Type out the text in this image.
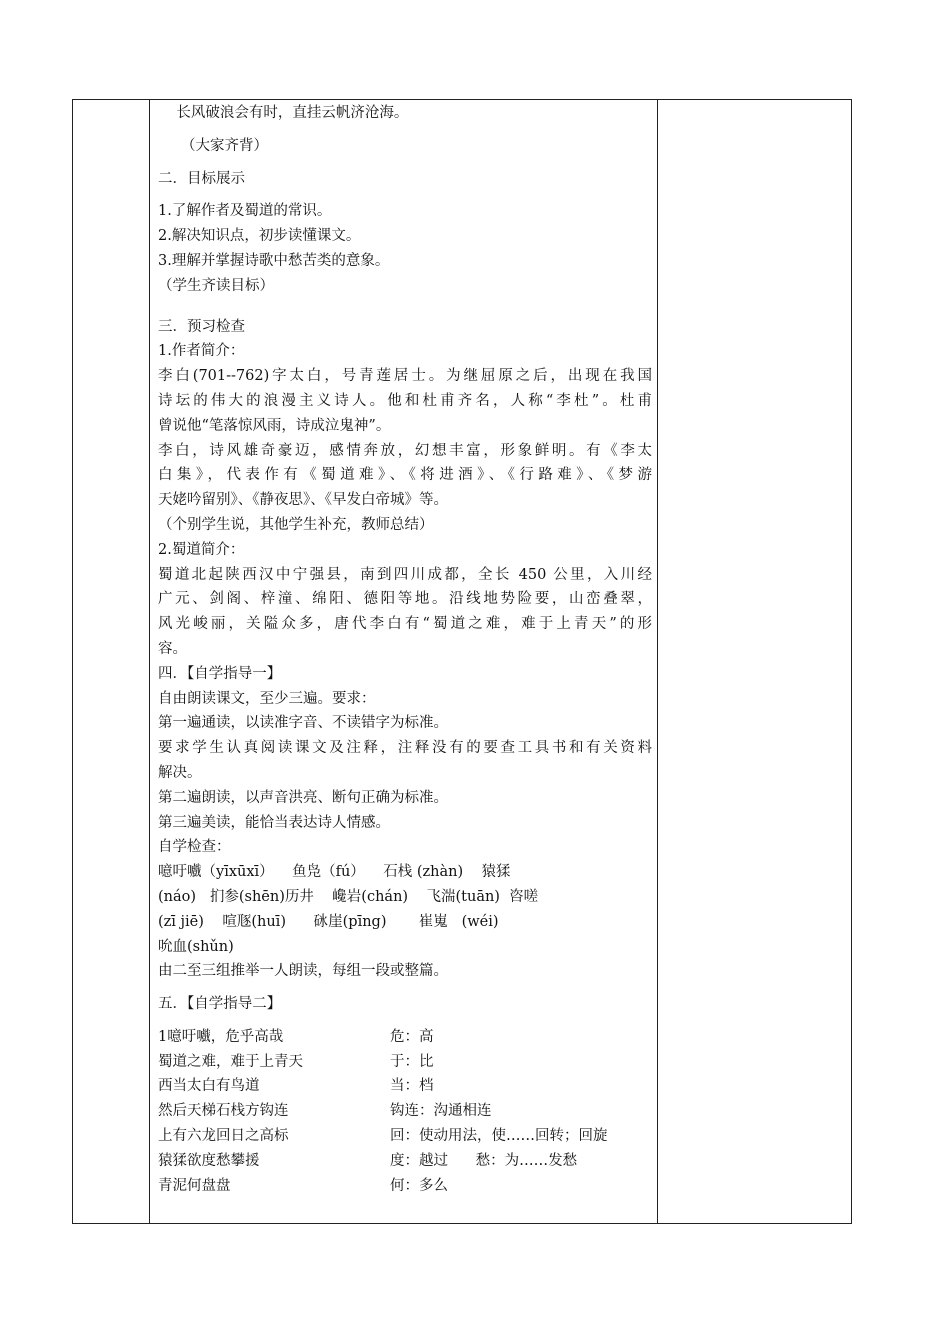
长风破浪会有时，直挂云帆济沧海。
（大家齐背）
二．目标展示
1.了解作者及蜀道的常识。
2.解决知识点，初步读懂课文。
3.理解并掌握诗歌中愁苦类的意象。
（学生齐读目标）
三．预习检查
1.作者简介：
李白(701--762)字太白，号青莲居士。为继屈原之后，出现在我国
诗坛的伟大的浪漫主义诗人。他和杜甫齐名，人称“李杜”。杜甫
曾说他“笔落惊风雨，诗成泣鬼神”。
李白，诗风雄奇豪迈，感情奔放，幻想丰富，形象鲜明。有《李太
白集》，代表作有《蜀道难》、《将进酒》、《行路难》、《梦游
天姥吟留别》、《静夜思》、《早发白帝城》等。
（个别学生说，其他学生补充，教师总结）
2.蜀道简介：
蜀道北起陕西汉中宁强县，南到四川成都，全长 450 公里，入川经
广元、剑阁、梓潼、绵阳、德阳等地。沿线地势险要，山峦叠翠，
风光峻丽，关隘众多，唐代李白有“蜀道之难，难于上青天”的形
容。
四．【自学指导一】
自由朗读课文，至少三遍。要求：
第一遍通读，以读准字音、不读错字为标准。
要求学生认真阅读课文及注释，注释没有的要查工具书和有关资料
解决。
第二遍朗读，以声音洪亮、断句正确为标准。
第三遍美读，能恰当表达诗人情感。
自学检查：
噫吁嚱（yīxūxī）    鱼凫（fú）    石栈 (zhàn)    猿猱
(náo)   扪参(shēn)历井    巉岩(chán)    飞湍(tuān)  咨嗟
(zī jiē)    喧豗(huī)      砯崖(pīng)       崔嵬   (wéi)
吮血(shǔn)
由二至三组推举一人朗读，每组一段或整篇。
五．【自学指导二】
1噫吁嚱，危乎高哉	危：高
蜀道之难，难于上青天	于：比
西当太白有鸟道	当：档
然后天梯石栈方钩连	钩连：沟通相连
上有六龙回日之高标	回：使动用法，使……回转；回旋
猿猱欲度愁攀援	度：越过      愁：为……发愁
青泥何盘盘	何：多么
